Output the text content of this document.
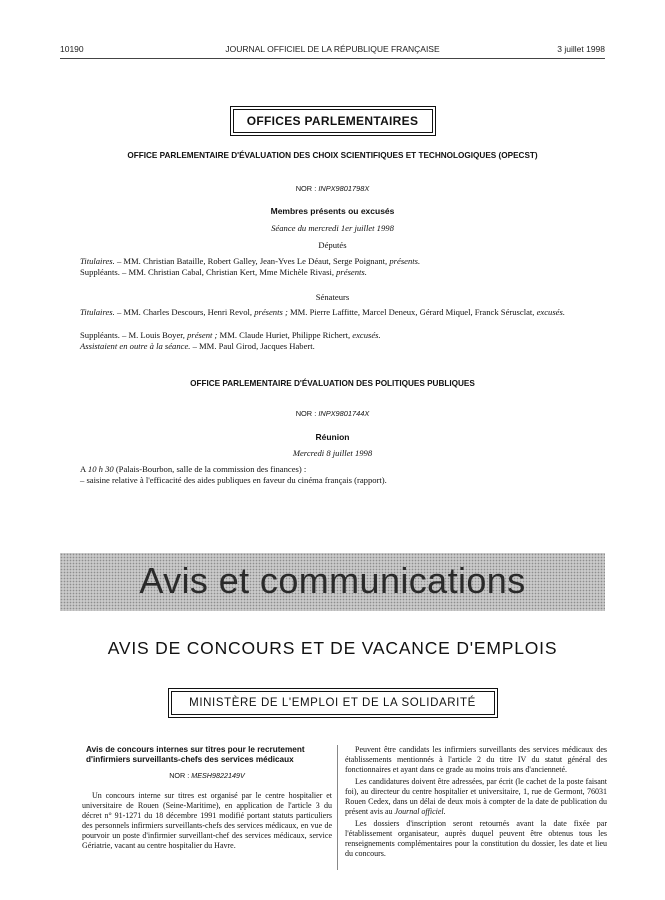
10190	JOURNAL OFFICIEL DE LA RÉPUBLIQUE FRANÇAISE	3 juillet 1998
OFFICES PARLEMENTAIRES
OFFICE PARLEMENTAIRE D'ÉVALUATION DES CHOIX SCIENTIFIQUES ET TECHNOLOGIQUES (OPECST)
NOR : INPX9801798X
Membres présents ou excusés
Séance du mercredi 1er juillet 1998
Députés
Titulaires. – MM. Christian Bataille, Robert Galley, Jean-Yves Le Déaut, Serge Poignant, présents.
Suppléants. – MM. Christian Cabal, Christian Kert, Mme Michèle Rivasi, présents.
Sénateurs
Titulaires. – MM. Charles Descours, Henri Revol, présents ; MM. Pierre Laffitte, Marcel Deneux, Gérard Miquel, Franck Sérusclat, excusés.
Suppléants. – M. Louis Boyer, présent ; MM. Claude Huriet, Philippe Richert, excusés.
Assistaient en outre à la séance. – MM. Paul Girod, Jacques Habert.
OFFICE PARLEMENTAIRE D'ÉVALUATION DES POLITIQUES PUBLIQUES
NOR : INPX9801744X
Réunion
Mercredi 8 juillet 1998
A 10 h 30 (Palais-Bourbon, salle de la commission des finances) :
– saisine relative à l'efficacité des aides publiques en faveur du cinéma français (rapport).
Avis et communications
AVIS DE CONCOURS ET DE VACANCE D'EMPLOIS
MINISTÈRE DE L'EMPLOI ET DE LA SOLIDARITÉ
Avis de concours internes sur titres pour le recrutement d'infirmiers surveillants-chefs des services médicaux
NOR : MESH9822149V

Un concours interne sur titres est organisé par le centre hospitalier et universitaire de Rouen (Seine-Maritime), en application de l'article 3 du décret n° 91-1271 du 18 décembre 1991 modifié portant statuts particuliers des personnels infirmiers surveillants-chefs des services médicaux, en vue de pourvoir un poste d'infirmier surveillant-chef des services médicaux, service Gériatrie, vacant au centre hospitalier du Havre.

Peuvent être candidats les infirmiers surveillants des services médicaux des établissements mentionnés à l'article 2 du titre IV du statut général des fonctionnaires et ayant dans ce grade au moins trois ans d'ancienneté.

Les candidatures doivent être adressées, par écrit (le cachet de la poste faisant foi), au directeur du centre hospitalier et universitaire, 1, rue de Germont, 76031 Rouen Cedex, dans un délai de deux mois à compter de la date de publication du présent avis au Journal officiel.

Les dossiers d'inscription seront retournés avant la date fixée par l'établissement organisateur, auprès duquel peuvent être obtenus tous les renseignements complémentaires pour la constitution du dossier, les date et lieu du concours.
